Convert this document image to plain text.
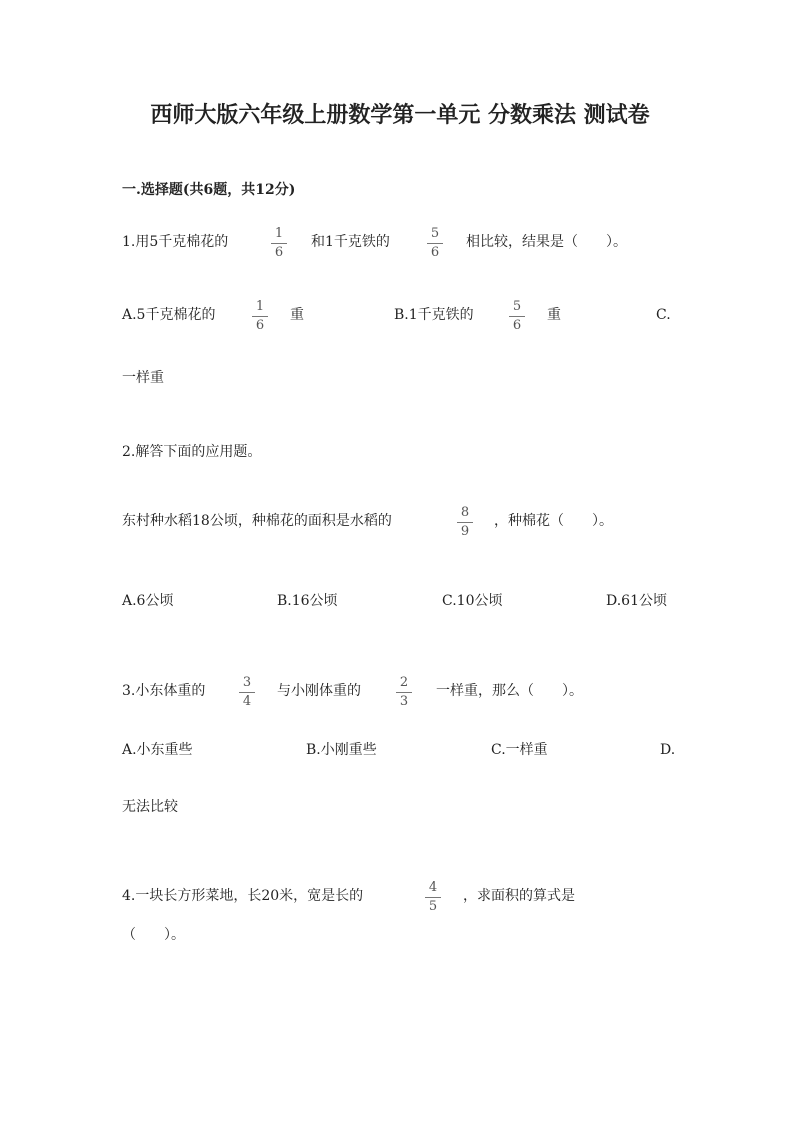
西师大版六年级上册数学第一单元 分数乘法 测试卷
一.选择题(共6题，共12分)
1.用5千克棉花的
1
6
和1千克铁的
5
6
相比较，结果是（　　）。
A.5千克棉花的
1
6
重	B.1千克铁的
5
6
重	C.
一样重
2.解答下面的应用题。
东村种水稻18公顷，种棉花的面积是水稻的
8
9
，种棉花（　　）。
A.6公顷	B.16公顷	C.10公顷	D.61公顷
3.小东体重的
3
4
与小刚体重的
2
3
一样重，那么（　　）。
A.小东重些	B.小刚重些	C.一样重	D.
无法比较
4.一块长方形菜地，长20米，宽是长的
4
5
，求面积的算式是
（　　）。
